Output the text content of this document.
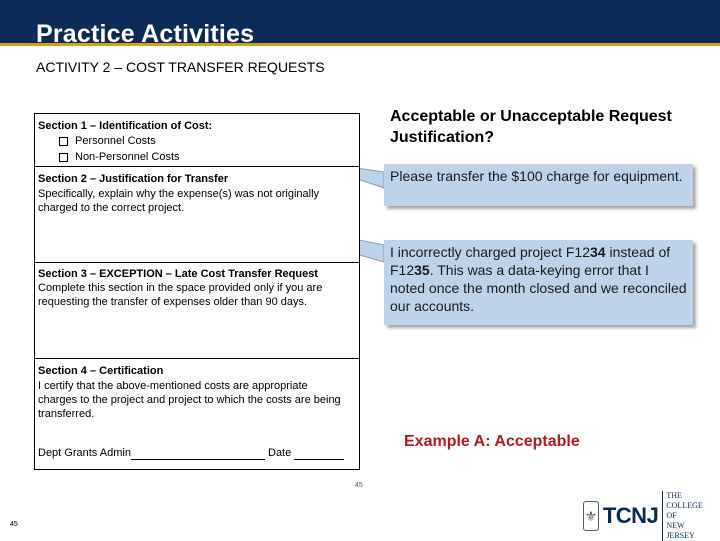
Practice Activities
ACTIVITY 2 – COST TRANSFER REQUESTS
Section 1 – Identification of Cost:
Personnel Costs
Non-Personnel Costs
Section 2 – Justification for Transfer
Specifically, explain why the expense(s) was not originally charged to the correct project.
Section 3 – EXCEPTION – Late Cost Transfer Request
Complete this section in the space provided only if you are requesting the transfer of expenses older than 90 days.
Section 4 – Certification
I certify that the above-mentioned costs are appropriate charges to the project and project to which the costs are being transferred.
Dept Grants Admin	Date
Acceptable or Unacceptable Request Justification?
Please transfer the $100 charge for equipment.
I incorrectly charged project F1234 instead of F1235. This was a data-keying error that I noted once the month closed and we reconciled our accounts.
Example A: Acceptable
45
45
⚜ TCNJ
THE COLLEGE OF
NEW JERSEY
